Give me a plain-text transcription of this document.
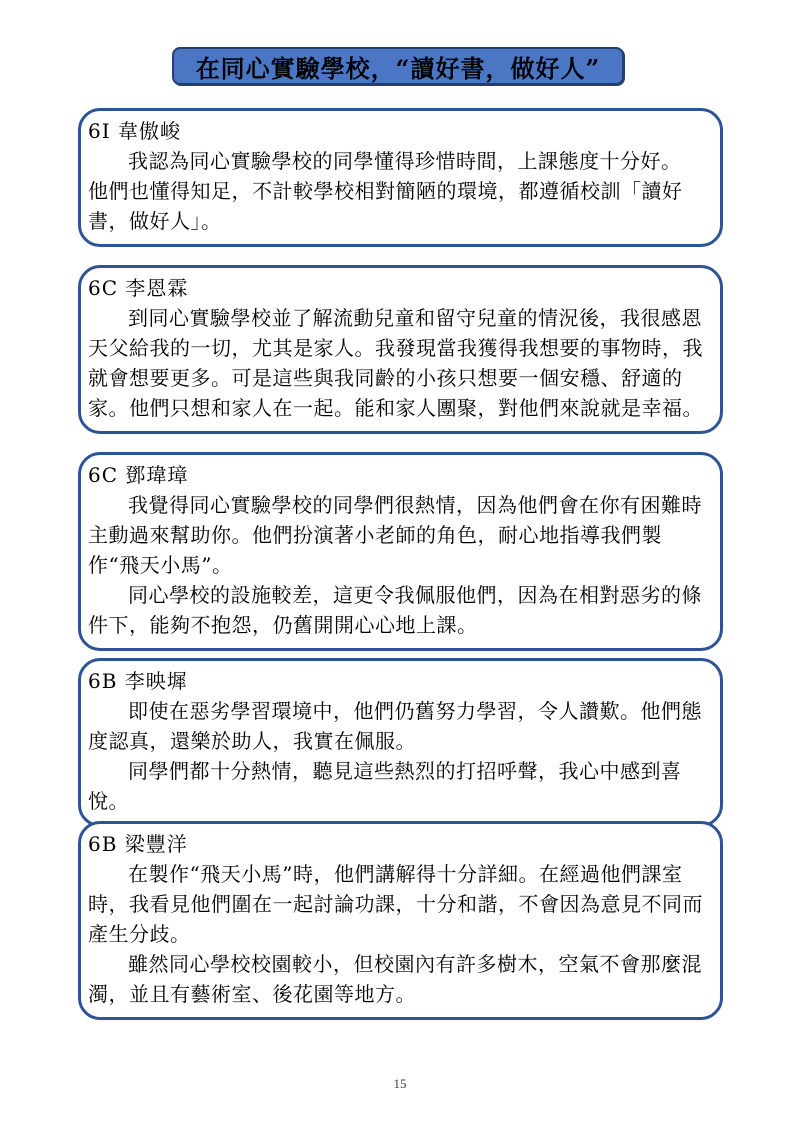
在同心實驗學校，“讀好書，做好人”
6I 韋傲峻

我認為同心實驗學校的同學懂得珍惜時間，上課態度十分好。

他們也懂得知足，不計較學校相對簡陋的環境，都遵循校訓「讀好書，做好人」。

6C 李恩霖

到同心實驗學校並了解流動兒童和留守兒童的情況後，我很感恩天父給我的一切，尤其是家人。我發現當我獲得我想要的事物時，我就會想要更多。可是這些與我同齡的小孩只想要一個安穩、舒適的家。他們只想和家人在一起。能和家人團聚，對他們來說就是幸福。

6C 鄧瑋璋

我覺得同心實驗學校的同學們很熱情，因為他們會在你有困難時主動過來幫助你。他們扮演著小老師的角色，耐心地指導我們製作“飛天小馬”。

同心學校的設施較差，這更令我佩服他們，因為在相對惡劣的條件下，能夠不抱怨，仍舊開開心心地上課。

6B 李映墀

即使在惡劣學習環境中，他們仍舊努力學習，令人讚歎。他們態度認真，還樂於助人，我實在佩服。

同學們都十分熱情，聽見這些熱烈的打招呼聲，我心中感到喜悅。

6B 梁豐洋

在製作“飛天小馬”時，他們講解得十分詳細。在經過他們課室時，我看見他們圍在一起討論功課，十分和諧，不會因為意見不同而產生分歧。

雖然同心學校校園較小，但校園內有許多樹木，空氣不會那麼混濁，並且有藝術室、後花園等地方。

15
